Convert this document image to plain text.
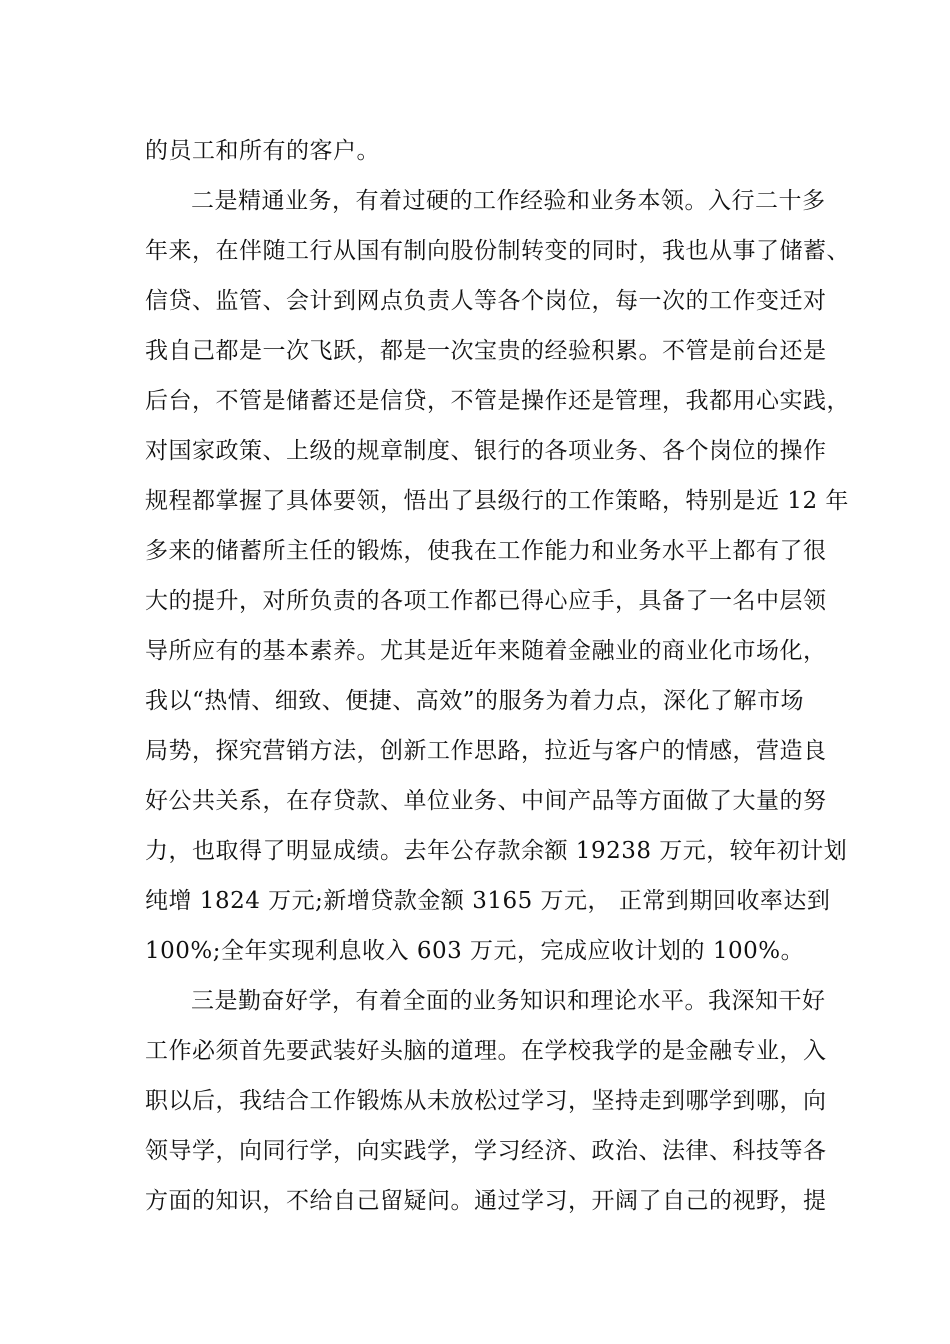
的员工和所有的客户。
二是精通业务，有着过硬的工作经验和业务本领。入行二十多
年来，在伴随工行从国有制向股份制转变的同时，我也从事了储蓄、
信贷、监管、会计到网点负责人等各个岗位，每一次的工作变迁对
我自己都是一次飞跃，都是一次宝贵的经验积累。不管是前台还是
后台，不管是储蓄还是信贷，不管是操作还是管理，我都用心实践，
对国家政策、上级的规章制度、银行的各项业务、各个岗位的操作
规程都掌握了具体要领，悟出了县级行的工作策略，特别是近 12 年
多来的储蓄所主任的锻炼，使我在工作能力和业务水平上都有了很
大的提升，对所负责的各项工作都已得心应手，具备了一名中层领
导所应有的基本素养。尤其是近年来随着金融业的商业化市场化，
我以“热情、细致、便捷、高效”的服务为着力点，深化了解市场
局势，探究营销方法，创新工作思路，拉近与客户的情感，营造良
好公共关系，在存贷款、单位业务、中间产品等方面做了大量的努
力，也取得了明显成绩。去年公存款余额 19238 万元，较年初计划
纯增 1824 万元;新增贷款金额 3165 万元， 正常到期回收率达到
100%;全年实现利息收入 603 万元，完成应收计划的 100%。
三是勤奋好学，有着全面的业务知识和理论水平。我深知干好
工作必须首先要武装好头脑的道理。在学校我学的是金融专业，入
职以后，我结合工作锻炼从未放松过学习，坚持走到哪学到哪，向
领导学，向同行学，向实践学，学习经济、政治、法律、科技等各
方面的知识，不给自己留疑问。通过学习，开阔了自己的视野，提
